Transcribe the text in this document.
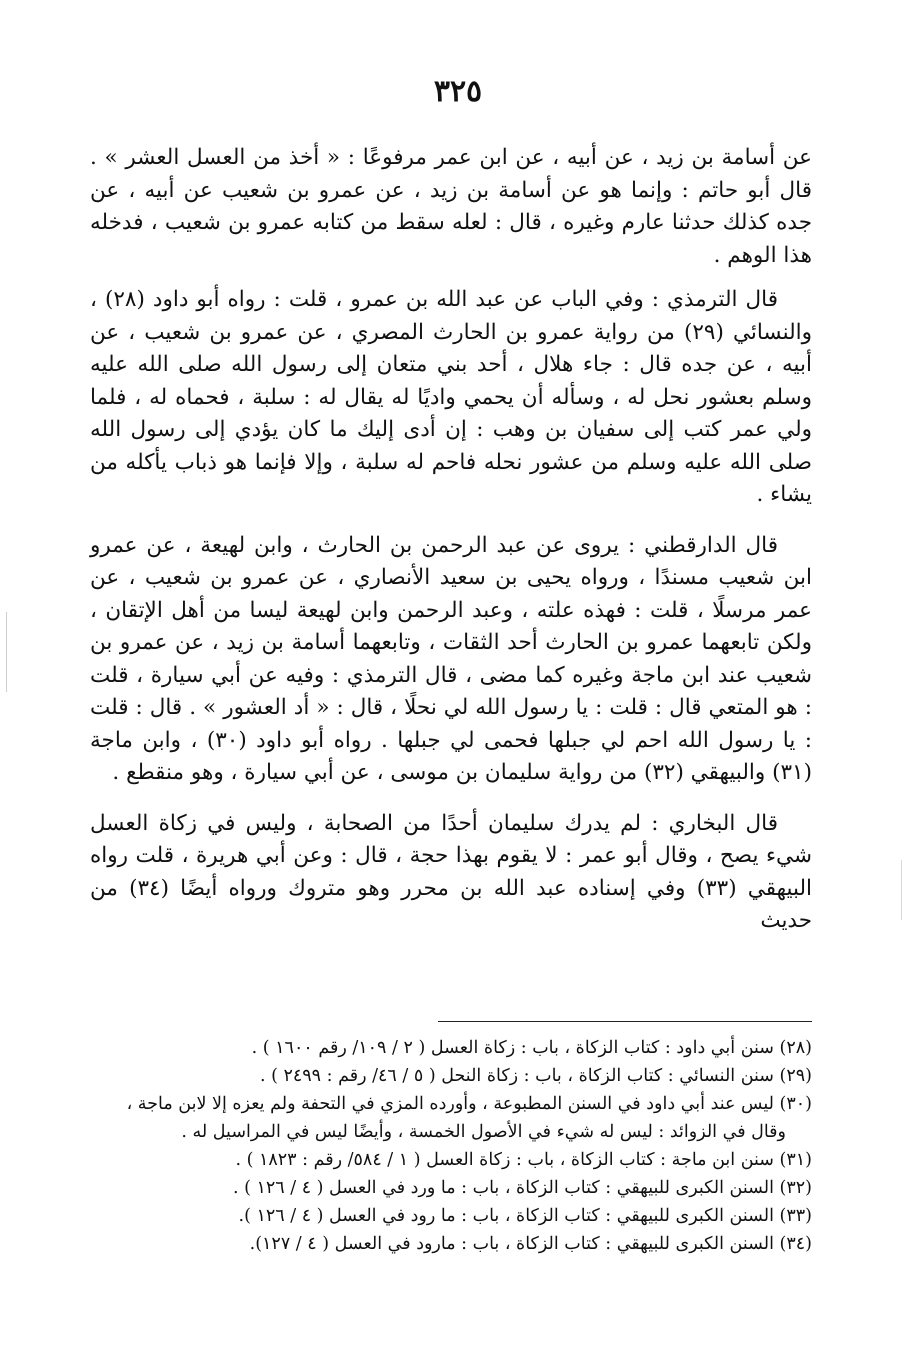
٣٢٥

عن أسامة بن زيد ، عن أبيه ، عن ابن عمر مرفوعًا : « أخذ من العسل العشر » . قال أبو حاتم : وإنما هو عن أسامة بن زيد ، عن عمرو بن شعيب عن أبيه ، عن جده كذلك حدثنا عارم وغيره ، قال : لعله سقط من كتابه عمرو بن شعيب ، فدخله هذا الوهم .

قال الترمذي : وفي الباب عن عبد الله بن عمرو ، قلت : رواه أبو داود (٢٨) ، والنسائي (٢٩) من رواية عمرو بن الحارث المصري ، عن عمرو بن شعيب ، عن أبيه ، عن جده قال : جاء هلال ، أحد بني متعان إلى رسول الله صلى الله عليه وسلم بعشور نحل له ، وسأله أن يحمي واديًا له يقال له : سلبة ، فحماه له ، فلما ولي عمر كتب إلى سفيان بن وهب : إن أدى إليك ما كان يؤدي إلى رسول الله صلى الله عليه وسلم من عشور نحله فاحم له سلبة ، وإلا فإنما هو ذباب يأكله من يشاء .

قال الدارقطني : يروى عن عبد الرحمن بن الحارث ، وابن لهيعة ، عن عمرو ابن شعيب مسندًا ، ورواه يحيى بن سعيد الأنصاري ، عن عمرو بن شعيب ، عن عمر مرسلًا ، قلت : فهذه علته ، وعبد الرحمن وابن لهيعة ليسا من أهل الإتقان ، ولكن تابعهما عمرو بن الحارث أحد الثقات ، وتابعهما أسامة بن زيد ، عن عمرو بن شعيب عند ابن ماجة وغيره كما مضى ، قال الترمذي : وفيه عن أبي سيارة ، قلت : هو المتعي قال : قلت : يا رسول الله لي نحلًا ، قال : « أد العشور » . قال : قلت : يا رسول الله احم لي جبلها فحمى لي جبلها . رواه أبو داود (٣٠) ، وابن ماجة (٣١) والبيهقي (٣٢) من رواية سليمان بن موسى ، عن أبي سيارة ، وهو منقطع .

قال البخاري : لم يدرك سليمان أحدًا من الصحابة ، وليس في زكاة العسل شيء يصح ، وقال أبو عمر : لا يقوم بهذا حجة ، قال : وعن أبي هريرة ، قلت رواه البيهقي (٣٣) وفي إسناده عبد الله بن محرر وهو متروك ورواه أيضًا (٣٤) من حديث

(٢٨) سنن أبي داود : كتاب الزكاة ، باب : زكاة العسل ( ٢ / ١٠٩/ رقم ١٦٠٠ ) .

(٢٩) سنن النسائي : كتاب الزكاة ، باب : زكاة النحل ( ٥ / ٤٦/ رقم : ٢٤٩٩ ) .

(٣٠) ليس عند أبي داود في السنن المطبوعة ، وأورده المزي في التحفة ولم يعزه إلا لابن ماجة ،

وقال في الزوائد : ليس له شيء في الأصول الخمسة ، وأيضًا ليس في المراسيل له .

(٣١) سنن ابن ماجة : كتاب الزكاة ، باب : زكاة العسل ( ١ / ٥٨٤/ رقم : ١٨٢٣ ) .

(٣٢) السنن الكبرى للبيهقي : كتاب الزكاة ، باب : ما ورد في العسل ( ٤ / ١٢٦ ) .

(٣٣) السنن الكبرى للبيهقي : كتاب الزكاة ، باب : ما رود في العسل ( ٤ / ١٢٦ ).

(٣٤) السنن الكبرى للبيهقي : كتاب الزكاة ، باب : مارود في العسل ( ٤ / ١٢٧).
